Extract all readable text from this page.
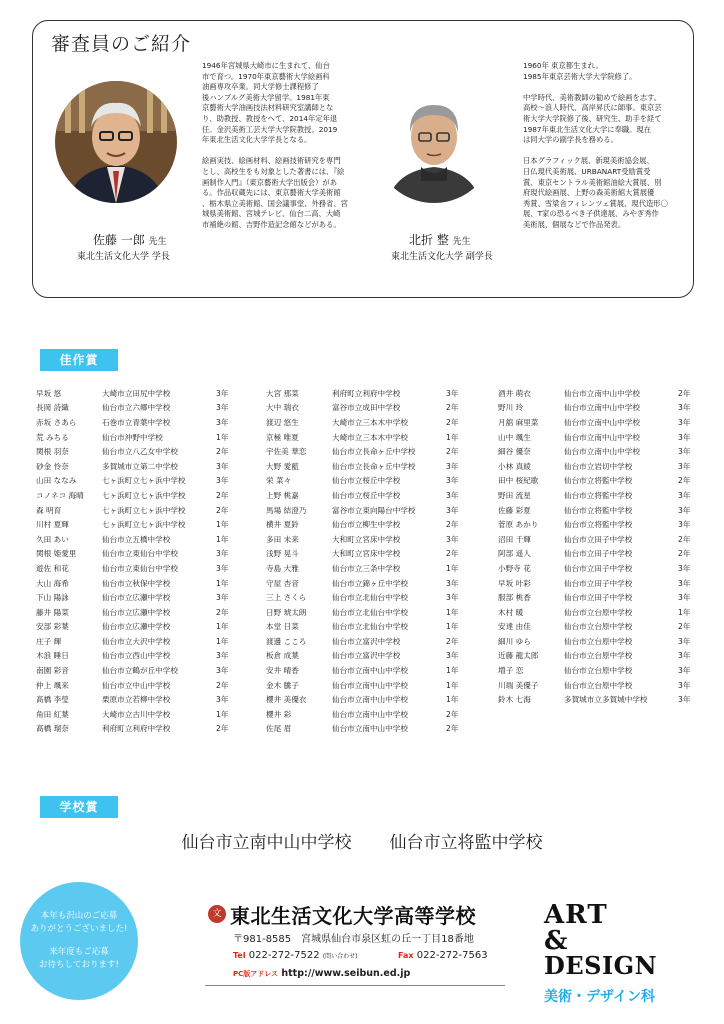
審査員のご紹介
佐藤 一郎 先生
東北生活文化大学 学長

1946年宮城県大崎市に生まれて、仙台
市で育つ。1970年東京藝術大学絵画科
油画専攻卒業。同大学修士課程修了
後ハンブルグ美術大学留学。1981年東
京藝術大学油画技法材料研究室講師とな
り、助教授、教授をへて、2014年定年退
任。金沢美術工芸大学大学院教授。2019
年東北生活文化大学学長となる。

絵画実技、絵画材料、絵画技術研究を専門
とし、高校生をも対象とした著書には、『絵
画制作入門』（東京藝術大学出版会）があ
る。作品収蔵先には、東京藝術大学美術館
、栃木県立美術館、国会議事堂、外務省、宮
城県美術館、宮城テレビ、仙台二高、大崎
市補絶の館、吉野作造記念館などがある。

北折 整 先生
東北生活文化大学 副学長

1960年 東京都生まれ。
1985年東京芸術大学大学院修了。

中学時代、美術教師の勧めで絵画を志す。
高校～浪人時代、高岸昇氏に師事。東京芸
術大学大学院修了後、研究生、助手を経て
1987年東北生活文化大学に奉職。現在
は同大学の副学長を務める。

日本グラフィック展、新現美術協会展、
日仏現代美術展、URBANART受励賞受
賞、東京セントラル美術館油絵大賞展、別
府現代絵画展、上野の森美術館大賞展優
秀賞、雪梁舎フィレンツェ賞展、現代造形〇
展、T家の恐るべき子供達展、みやぎ秀作
美術展、個展などで作品発表。

佳作賞
早坂 悠	大崎市立田尻中学校	3年
長岡 詩織	仙台市立六郷中学校	3年
赤坂 さあら	石巻市立青葉中学校	3年
荒 みちる	仙台市沖野中学校	1年
関根 羽奈	仙台市立八乙女中学校	2年
砂金 怜奈	多賀城市立第二中学校	3年
山田 ななみ	七ヶ浜町立七ヶ浜中学校	3年
コノネコ 海晴	七ヶ浜町立七ヶ浜中学校	2年
森 明育	七ヶ浜町立七ヶ浜中学校	2年
川村 夏輝	七ヶ浜町立七ヶ浜中学校	1年
久田 あい	仙台市立五橋中学校	1年
関根 姫愛里	仙台市立東仙台中学校	3年
遊佐 和花	仙台市立東仙台中学校	3年
大山 海希	仙台市立秋保中学校	1年
下山 陽詠	仙台市立広瀬中学校	3年
藤井 陽菜	仙台市立広瀬中学校	2年
安部 彩葉	仙台市立広瀬中学校	1年
庄子 輝	仙台市立大沢中学校	1年
木浪 睡日	仙台市立西山中学校	3年
南園 彩音	仙台市立鶴が丘中学校	3年
仲上 颯来	仙台市立中山中学校	2年
髙橋 李瑩	栗原市立若柳中学校	3年
角田 紅葉	大崎市立古川中学校	1年
髙橋 瑠奈	利府町立利府中学校	2年
大宮 那菜	利府町立利府中学校	3年
大中 瑞衣	富谷市立成田中学校	2年
渡辺 悠生	大崎市立三本木中学校	2年
京極 唯夏	大崎市立三本木中学校	1年
宇佐美 華恋	仙台市立長命ヶ丘中学校	2年
大野 愛藍	仙台市立長命ヶ丘中学校	3年
栄 菜々	仙台市立桜丘中学校	3年
上野 桃嘉	仙台市立桜丘中学校	3年
馬場 結澄乃	富谷市立東向陽台中学校	3年
横井 夏鈴	仙台市立柳生中学校	2年
多田 未来	大和町立宮床中学校	3年
浅野 晃斗	大和町立宮床中学校	2年
寺島 大雅	仙台市立三条中学校	1年
守屋 杏音	仙台市立錦ヶ丘中学校	3年
三上 さくら	仙台市立北仙台中学校	3年
日野 琥太朗	仙台市立北仙台中学校	1年
本堂 日菜	仙台市立北仙台中学校	1年
渡邊 こころ	仙台市立富沢中学校	2年
板倉 成葉	仙台市立富沢中学校	3年
安井 晴香	仙台市立南中山中学校	1年
金木 騰子	仙台市立南中山中学校	1年
櫻井 美優衣	仙台市立南中山中学校	1年
櫻井 彩	仙台市立南中山中学校	2年
佐尾 眉	仙台市立南中山中学校	2年
酒井 萌衣	仙台市立南中山中学校	2年
野川 玲	仙台市立南中山中学校	3年
月舘 麻里菜	仙台市立南中山中学校	3年
山中 颯生	仙台市立南中山中学校	3年
細谷 優奈	仙台市立南中山中学校	3年
小林 真綾	仙台市立岩切中学校	3年
田中 桜紀歌	仙台市立将監中学校	2年
野田 流星	仙台市立将監中学校	3年
佐藤 彩夏	仙台市立将監中学校	3年
菅原 あかり	仙台市立将監中学校	3年
沼田 千輝	仙台市立田子中学校	2年
阿部 遥人	仙台市立田子中学校	2年
小野寺 花	仙台市立田子中学校	3年
早坂 叶彩	仙台市立田子中学校	3年
服部 桃香	仙台市立田子中学校	3年
木村 暖	仙台市立台原中学校	1年
安達 由佳	仙台市立台原中学校	2年
細川 ゆら	仙台市立台原中学校	3年
近藤 龍太郎	仙台市立台原中学校	3年
増子 恋	仙台市立台原中学校	3年
川端 美優子	仙台市立台原中学校	3年
鈴木 七海	多賀城市立多賀城中学校	3年
学校賞
仙台市立南中山中学校 仙台市立将監中学校
本年も沢山のご応募
ありがとうございました!
来年度もご応募
お待ちしております!
文 東北生活文化大学高等学校
〒981-8585　宮城県仙台市泉区虹の丘一丁目18番地
Tel 022-272-7522 (問い合わせ)	Fax 022-272-7563
PC版アドレス http://www.seibun.ed.jp
ART
&
DESIGN
美術・デザイン科
